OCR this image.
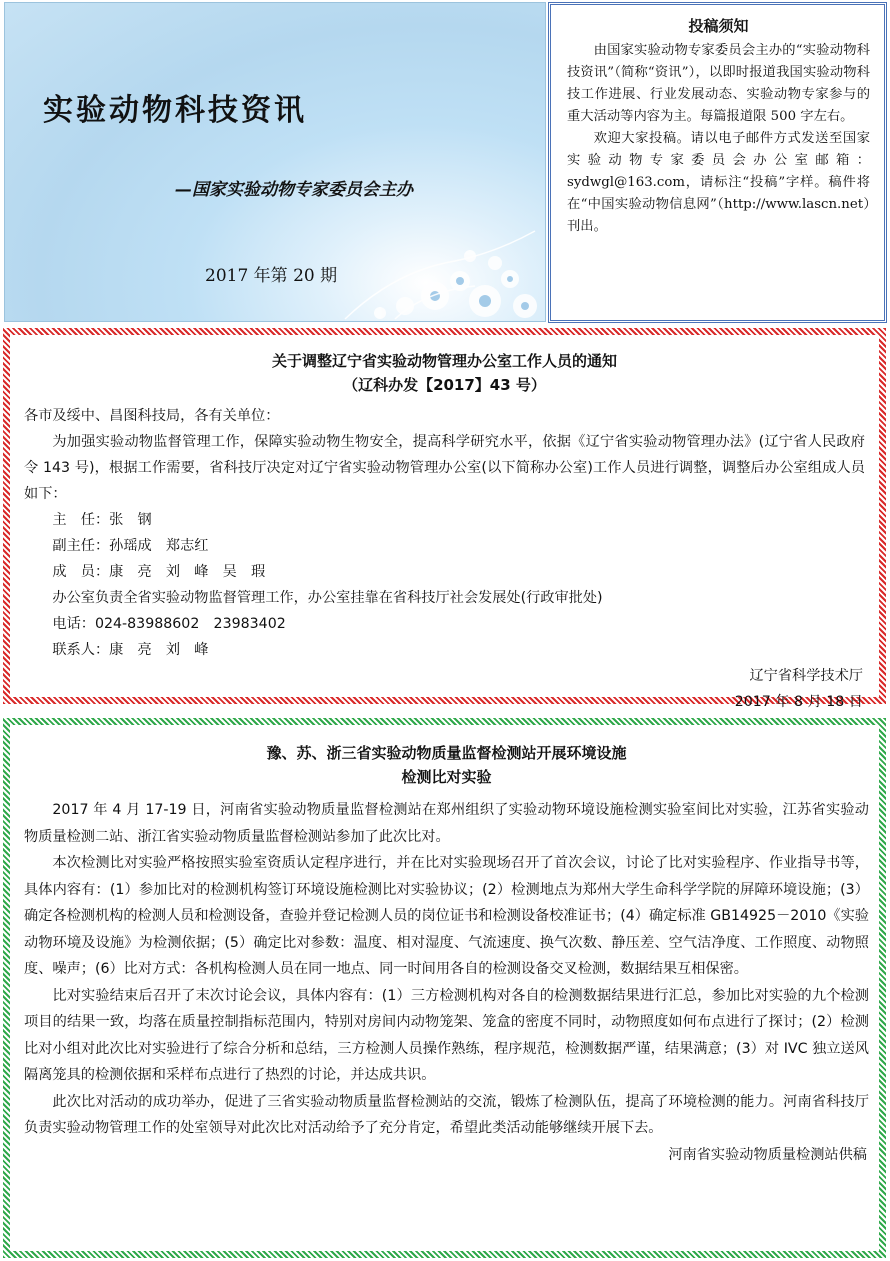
实验动物科技资讯
—国家实验动物专家委员会主办
2017 年第 20 期
投稿须知

由国家实验动物专家委员会主办的“实验动物科技资讯”（简称“资讯”），以即时报道我国实验动物科技工作进展、行业发展动态、实验动物专家参与的重大活动等内容为主。每篇报道限 500 字左右。

欢迎大家投稿。请以电子邮件方式发送至国家实验动物专家委员会办公室邮箱：sydwgl@163.com，请标注“投稿”字样。稿件将在“中国实验动物信息网”（http://www.lascn.net）刊出。

关于调整辽宁省实验动物管理办公室工作人员的通知
（辽科办发【2017】43 号）
各市及绥中、昌图科技局，各有关单位：

为加强实验动物监督管理工作，保障实验动物生物安全，提高科学研究水平，依据《辽宁省实验动物管理办法》(辽宁省人民政府令 143 号)，根据工作需要，省科技厅决定对辽宁省实验动物管理办公室(以下简称办公室)工作人员进行调整，调整后办公室组成人员如下：

主　任：张　钢
副主任：孙瑶成　郑志红
成　员：康　亮　刘　峰　吴　瑕
办公室负责全省实验动物监督管理工作，办公室挂靠在省科技厅社会发展处(行政审批处)
电话：024-83988602　23983402
联系人：康　亮　刘　峰
辽宁省科学技术厅
2017 年 8 月 18 日
豫、苏、浙三省实验动物质量监督检测站开展环境设施
检测比对实验

2017 年 4 月 17-19 日，河南省实验动物质量监督检测站在郑州组织了实验动物环境设施检测实验室间比对实验，江苏省实验动物质量检测二站、浙江省实验动物质量监督检测站参加了此次比对。

本次检测比对实验严格按照实验室资质认定程序进行，并在比对实验现场召开了首次会议，讨论了比对实验程序、作业指导书等，具体内容有：(1）参加比对的检测机构签订环境设施检测比对实验协议；(2）检测地点为郑州大学生命科学学院的屏障环境设施；(3）确定各检测机构的检测人员和检测设备，查验并登记检测人员的岗位证书和检测设备校准证书；(4）确定标准 GB14925－2010《实验动物环境及设施》为检测依据；(5）确定比对参数：温度、相对湿度、气流速度、换气次数、静压差、空气洁净度、工作照度、动物照度、噪声；(6）比对方式：各机构检测人员在同一地点、同一时间用各自的检测设备交叉检测，数据结果互相保密。

比对实验结束后召开了末次讨论会议，具体内容有：(1）三方检测机构对各自的检测数据结果进行汇总，参加比对实验的九个检测项目的结果一致，均落在质量控制指标范围内，特别对房间内动物笼架、笼盒的密度不同时，动物照度如何布点进行了探讨；(2）检测比对小组对此次比对实验进行了综合分析和总结，三方检测人员操作熟练，程序规范，检测数据严谨，结果满意；(3）对 IVC 独立送风隔离笼具的检测依据和采样布点进行了热烈的讨论，并达成共识。

此次比对活动的成功举办，促进了三省实验动物质量监督检测站的交流，锻炼了检测队伍，提高了环境检测的能力。河南省科技厅负责实验动物管理工作的处室领导对此次比对活动给予了充分肯定，希望此类活动能够继续开展下去。

河南省实验动物质量检测站供稿
